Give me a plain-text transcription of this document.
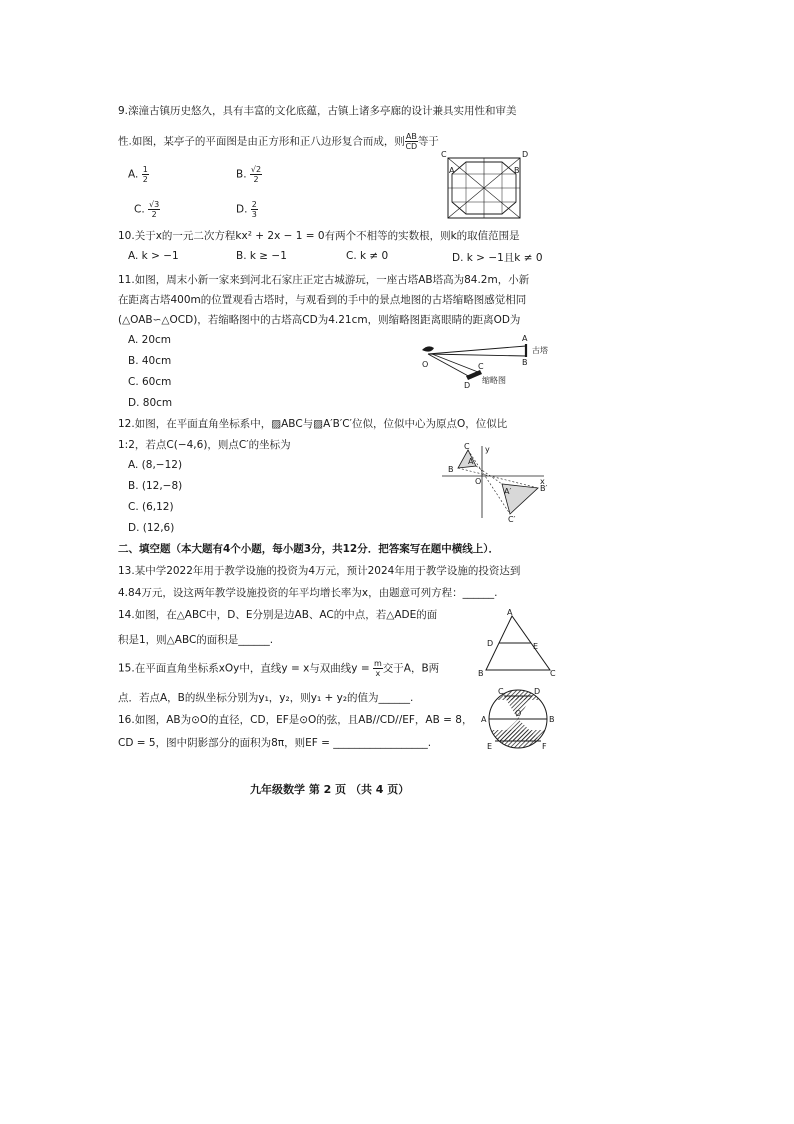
9.滦潼古镇历史悠久，具有丰富的文化底蕴，古镇上诸多亭廊的设计兼具实用性和审美
性.如图，某亭子的平面图是由正方形和正八边形复合而成，则 $\frac{AB}{CD}$ 等于
A. $\frac{1}{2}$	B. $\frac{√2}{2}$
C. $\frac{√3}{2}$	D. $\frac{2}{3}$
C	D
A	B
10.关于x的一元二次方程kx² + 2x − 1 = 0有两个不相等的实数根，则k的取值范围是
A. k > −1	B. k ≥ −1	C. k ≠ 0	D. k > −1且k ≠ 0
11.如图，周末小新一家来到河北石家庄正定古城游玩，一座古塔AB塔高为84.2m，小新
在距离古塔400m的位置观看古塔时，与观看到的手中的景点地图的古塔缩略图感觉相同
(△OAB∽△OCD)，若缩略图中的古塔高CD为4.21cm，则缩略图距离眼睛的距离OD为
A. 20cm
B. 40cm
C. 60cm
D. 80cm
A
古塔
B
O	C
D
缩略图
12.如图，在平面直角坐标系中，▨ABC与▨A′B′C′位似，位似中心为原点O，位似比
1:2，若点C(−4,6)，则点C′的坐标为
A. (8,−12)
B. (12,−8)
C. (6,12)
D. (12,6)
C y
A
B
O	x
A′	B′
C′
二、填空题（本大题有4个小题，每小题3分，共12分．把答案写在题中横线上）．
13.某中学2022年用于教学设施的投资为4万元，预计2024年用于教学设施的投资达到
4.84万元，设这两年教学设施投资的年平均增长率为x，由题意可列方程：______.
14.如图，在△ABC中，D、E分别是边AB、AC的中点，若△ADE的面
积是1，则△ABC的面积是______.
A
D	E
B	C
15.在平面直角坐标系xOy中，直线y = x与双曲线$y = \frac{m}{x}$ 交于A，B两
点．若点A，B的纵坐标分别为y₁，y₂，则y₁ + y₂的值为______.
16.如图，AB为⊙O的直径，CD，EF是⊙O的弦，且AB//CD//EF，AB = 8，
CD = 5，图中阴影部分的面积为8π，则EF = __________________.
C	D
A
O
B
E	F
九年级数学 第 2 页 （共 4 页）
